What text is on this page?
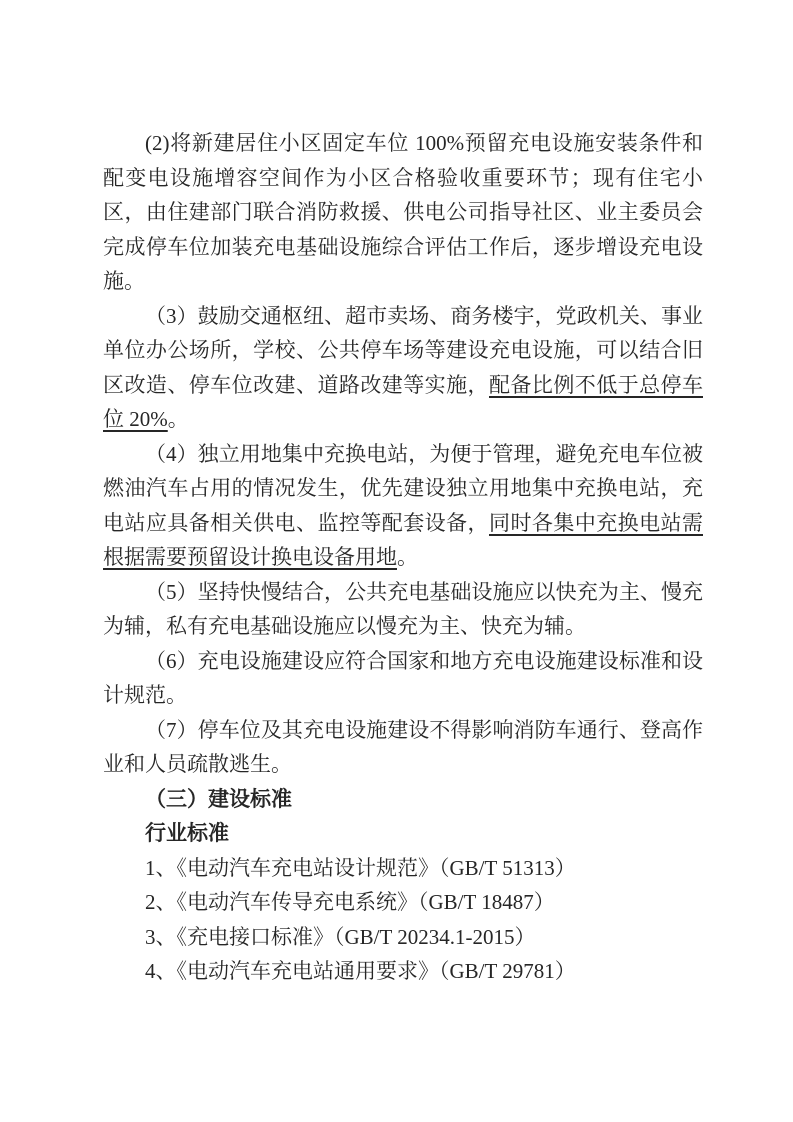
(2)将新建居住小区固定车位 100%预留充电设施安装条件和配变电设施增容空间作为小区合格验收重要环节；现有住宅小区，由住建部门联合消防救援、供电公司指导社区、业主委员会完成停车位加装充电基础设施综合评估工作后，逐步增设充电设施。

（3）鼓励交通枢纽、超市卖场、商务楼宇，党政机关、事业单位办公场所，学校、公共停车场等建设充电设施，可以结合旧区改造、停车位改建、道路改建等实施，配备比例不低于总停车位 20%。

（4）独立用地集中充换电站，为便于管理，避免充电车位被燃油汽车占用的情况发生，优先建设独立用地集中充换电站，充电站应具备相关供电、监控等配套设备，同时各集中充换电站需根据需要预留设计换电设备用地。

（5）坚持快慢结合，公共充电基础设施应以快充为主、慢充为辅，私有充电基础设施应以慢充为主、快充为辅。

（6）充电设施建设应符合国家和地方充电设施建设标准和设计规范。

（7）停车位及其充电设施建设不得影响消防车通行、登高作业和人员疏散逃生。

（三）建设标准

行业标准

1、《电动汽车充电站设计规范》（GB/T 51313）

2、《电动汽车传导充电系统》（GB/T 18487）

3、《充电接口标准》（GB/T 20234.1-2015）

4、《电动汽车充电站通用要求》（GB/T 29781）
